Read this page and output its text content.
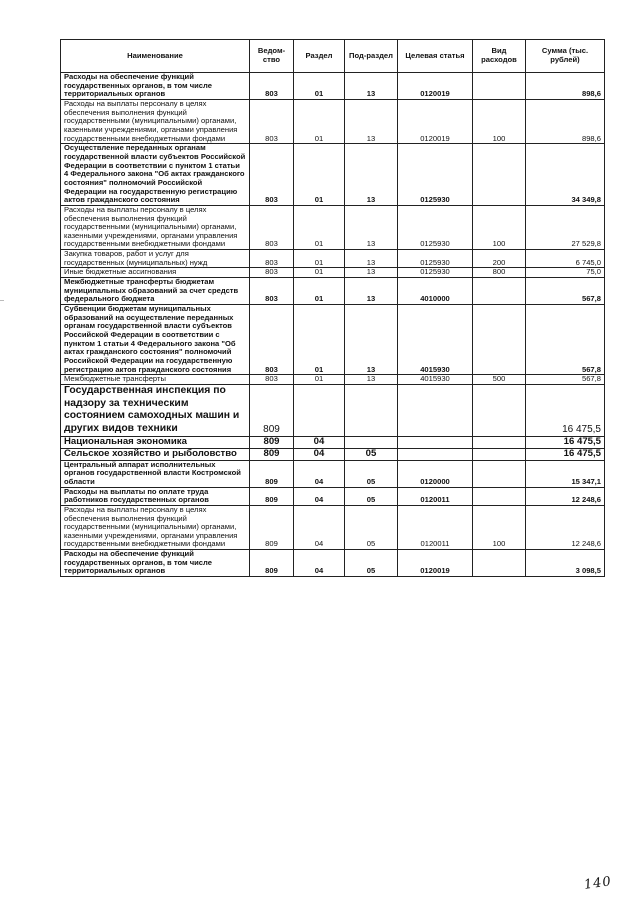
Наименование	Ведом-ство	Раздел	Под-раздел	Целевая статья	Вид расходов	Сумма (тыс. рублей)
Расходы на обеспечение функций государственных органов, в том числе территориальных органов	803	01	13	0120019		898,6
Расходы на выплаты персоналу в целях обеспечения выполнения функций государственными (муниципальными) органами, казенными учреждениями, органами управления государственными внебюджетными фондами	803	01	13	0120019	100	898,6
Осуществление переданных органам государственной власти субъектов Российской Федерации в соответствии с пунктом 1 статьи 4 Федерального закона "Об актах гражданского состояния" полномочий Российской Федерации на государственную регистрацию актов гражданского состояния	803	01	13	0125930		34 349,8
Расходы на выплаты персоналу в целях обеспечения выполнения функций государственными (муниципальными) органами, казенными учреждениями, органами управления государственными внебюджетными фондами	803	01	13	0125930	100	27 529,8
Закупка товаров, работ и услуг для государственных (муниципальных) нужд	803	01	13	0125930	200	6 745,0
Иные бюджетные ассигнования	803	01	13	0125930	800	75,0
Межбюджетные трансферты бюджетам муниципальных образований за счет средств федерального бюджета	803	01	13	4010000		567,8
Субвенции бюджетам муниципальных образований на осуществление переданных органам государственной власти субъектов Российской Федерации в соответствии с пунктом 1 статьи 4 Федерального закона "Об актах гражданского состояния" полномочий Российской Федерации на государственную регистрацию актов гражданского состояния	803	01	13	4015930		567,8
Межбюджетные трансферты	803	01	13	4015930	500	567,8
Государственная инспекция по надзору за техническим состоянием самоходных машин и других видов техники	809					16 475,5
Национальная экономика	809	04				16 475,5
Сельское хозяйство и рыболовство	809	04	05			16 475,5
Центральный аппарат исполнительных органов государственной власти Костромской области	809	04	05	0120000		15 347,1
Расходы на выплаты по оплате труда работников государственных органов	809	04	05	0120011		12 248,6
Расходы на выплаты персоналу в целях обеспечения выполнения функций государственными (муниципальными) органами, казенными учреждениями, органами управления государственными внебюджетными фондами	809	04	05	0120011	100	12 248,6
Расходы на обеспечение функций государственных органов, в том числе территориальных органов	809	04	05	0120019		3 098,5
140
